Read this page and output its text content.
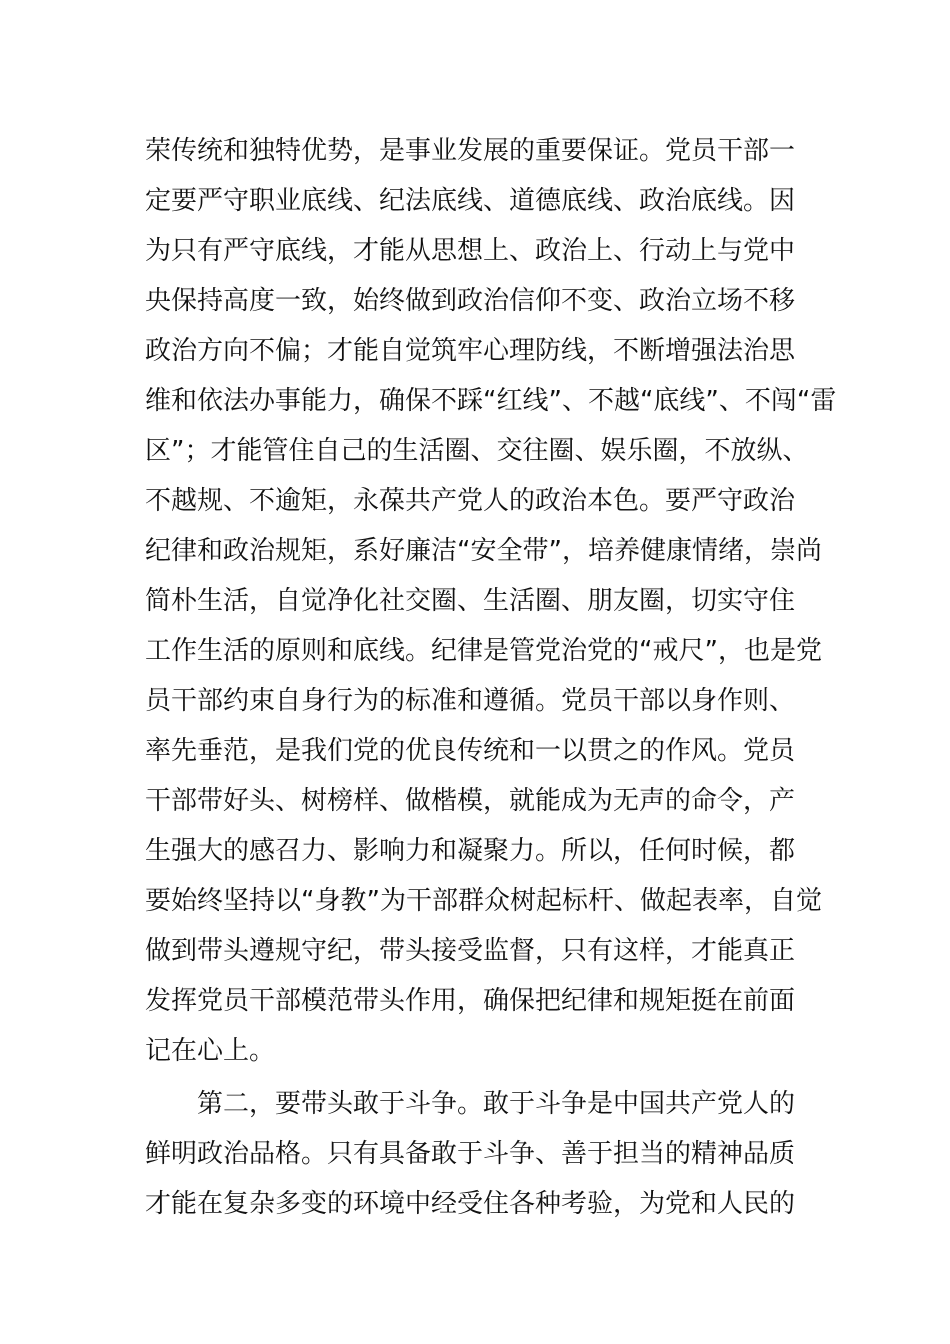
荣传统和独特优势，是事业发展的重要保证。党员干部一
定要严守职业底线、纪法底线、道德底线、政治底线。因
为只有严守底线，才能从思想上、政治上、行动上与党中
央保持高度一致，始终做到政治信仰不变、政治立场不移
政治方向不偏；才能自觉筑牢心理防线，不断增强法治思
维和依法办事能力，确保不踩“红线”、不越“底线”、不闯“雷
区”；才能管住自己的生活圈、交往圈、娱乐圈，不放纵、
不越规、不逾矩，永葆共产党人的政治本色。要严守政治
纪律和政治规矩，系好廉洁“安全带”，培养健康情绪，崇尚
简朴生活，自觉净化社交圈、生活圈、朋友圈，切实守住
工作生活的原则和底线。纪律是管党治党的“戒尺”，也是党
员干部约束自身行为的标准和遵循。党员干部以身作则、
率先垂范，是我们党的优良传统和一以贯之的作风。党员
干部带好头、树榜样、做楷模，就能成为无声的命令，产
生强大的感召力、影响力和凝聚力。所以，任何时候，都
要始终坚持以“身教”为干部群众树起标杆、做起表率，自觉
做到带头遵规守纪，带头接受监督，只有这样，才能真正
发挥党员干部模范带头作用，确保把纪律和规矩挺在前面
记在心上。
第二，要带头敢于斗争。敢于斗争是中国共产党人的
鲜明政治品格。只有具备敢于斗争、善于担当的精神品质
才能在复杂多变的环境中经受住各种考验，为党和人民的
